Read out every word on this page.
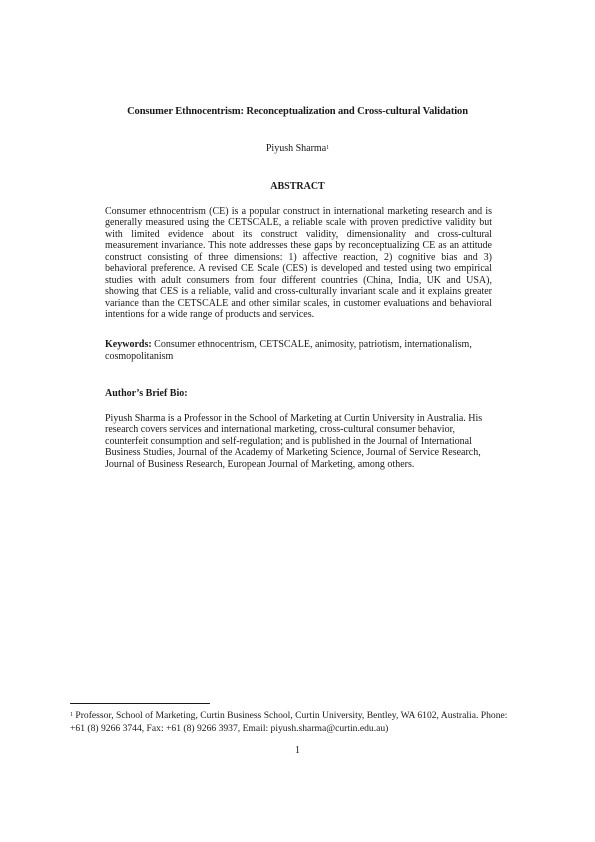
Consumer Ethnocentrism: Reconceptualization and Cross-cultural Validation
Piyush Sharma$^1$
ABSTRACT

Consumer ethnocentrism (CE) is a popular construct in international marketing research and is generally measured using the CETSCALE, a reliable scale with proven predictive validity but with limited evidence about its construct validity, dimensionality and cross-cultural measurement invariance. This note addresses these gaps by reconceptualizing CE as an attitude construct consisting of three dimensions: 1) affective reaction, 2) cognitive bias and 3) behavioral preference. A revised CE Scale (CES) is developed and tested using two empirical studies with adult consumers from four different countries (China, India, UK and USA), showing that CES is a reliable, valid and cross-culturally invariant scale and it explains greater variance than the CETSCALE and other similar scales, in customer evaluations and behavioral intentions for a wide range of products and services.

Keywords: Consumer ethnocentrism, CETSCALE, animosity, patriotism, internationalism, cosmopolitanism

Author’s Brief Bio:

Piyush Sharma is a Professor in the School of Marketing at Curtin University in Australia. His research covers services and international marketing, cross-cultural consumer behavior, counterfeit consumption and self-regulation; and is published in the Journal of International Business Studies, Journal of the Academy of Marketing Science, Journal of Service Research, Journal of Business Research, European Journal of Marketing, among others.

$^1$ Professor, School of Marketing, Curtin Business School, Curtin University, Bentley, WA 6102, Australia. Phone: +61 (8) 9266 3744, Fax: +61 (8) 9266 3937, Email: piyush.sharma@curtin.edu.au)

1
